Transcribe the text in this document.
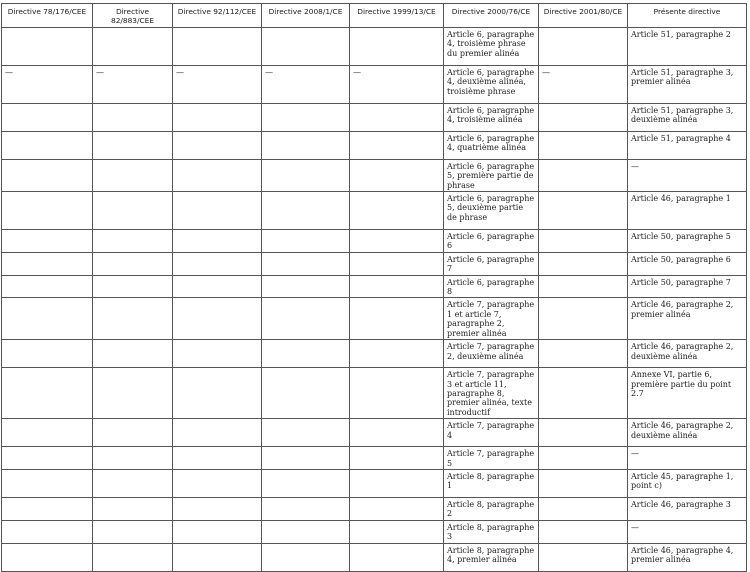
Directive 78/176/CEE	Directive 82/883/CEE	Directive 92/112/CEE	Directive 2008/1/CE	Directive 1999/13/CE	Directive 2000/76/CE	Directive 2001/80/CE	Présente directive
					Article 6, paragraphe 4, troisième phrase du premier alinéa		Article 51, paragraphe 2
—	—	—	—	—	Article 6, paragraphe 4, deuxième alinéa, troisième phrase	—	Article 51, paragraphe 3, premier alinéa
					Article 6, paragraphe 4, troisième alinéa		Article 51, paragraphe 3, deuxième alinéa
					Article 6, paragraphe 4, quatrième alinéa		Article 51, paragraphe 4
					Article 6, paragraphe 5, première partie de phrase		—
					Article 6, paragraphe 5, deuxième partie de phrase		Article 46, paragraphe 1
					Article 6, paragraphe 6		Article 50, paragraphe 5
					Article 6, paragraphe 7		Article 50, paragraphe 6
					Article 6, paragraphe 8		Article 50, paragraphe 7
					Article 7, paragraphe 1 et article 7, paragraphe 2, premier alinéa		Article 46, paragraphe 2, premier alinéa
					Article 7, paragraphe 2, deuxième alinéa		Article 46, paragraphe 2, deuxième alinéa
					Article 7, paragraphe 3 et article 11, paragraphe 8, premier alinéa, texte introductif		Annexe VI, partie 6, première partie du point 2.7
					Article 7, paragraphe 4		Article 46, paragraphe 2, deuxième alinéa
					Article 7, paragraphe 5		—
					Article 8, paragraphe 1		Article 45, paragraphe 1, point c)
					Article 8, paragraphe 2		Article 46, paragraphe 3
					Article 8, paragraphe 3		—
					Article 8, paragraphe 4, premier alinéa		Article 46, paragraphe 4, premier alinéa
